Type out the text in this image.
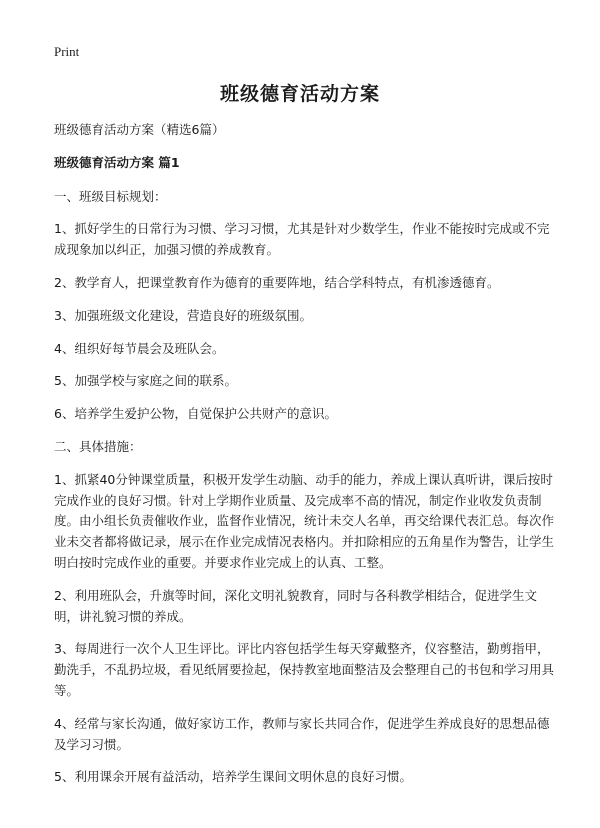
Print
班级德育活动方案

班级德育活动方案（精选6篇）

班级德育活动方案 篇1

一、班级目标规划：

1、抓好学生的日常行为习惯、学习习惯，尤其是针对少数学生，作业不能按时完成或不完成现象加以纠正，加强习惯的养成教育。

2、教学育人，把课堂教育作为德育的重要阵地，结合学科特点，有机渗透德育。

3、加强班级文化建设，营造良好的班级氛围。

4、组织好每节晨会及班队会。

5、加强学校与家庭之间的联系。

6、培养学生爱护公物，自觉保护公共财产的意识。

二、具体措施：

1、抓紧40分钟课堂质量，积极开发学生动脑、动手的能力，养成上课认真听讲，课后按时完成作业的良好习惯。针对上学期作业质量、及完成率不高的情况，制定作业收发负责制度。由小组长负责催收作业，监督作业情况，统计未交人名单，再交给课代表汇总。每次作业未交者都将做记录，展示在作业完成情况表格内。并扣除相应的五角星作为警告，让学生明白按时完成作业的重要。并要求作业完成上的认真、工整。

2、利用班队会，升旗等时间，深化文明礼貌教育，同时与各科教学相结合，促进学生文明，讲礼貌习惯的养成。

3、每周进行一次个人卫生评比。评比内容包括学生每天穿戴整齐，仪容整洁，勤剪指甲，勤洗手，不乱扔垃圾，看见纸屑要捡起，保持教室地面整洁及会整理自己的书包和学习用具等。

4、经常与家长沟通，做好家访工作，教师与家长共同合作，促进学生养成良好的思想品德及学习习惯。

5、利用课余开展有益活动，培养学生课间文明休息的良好习惯。
